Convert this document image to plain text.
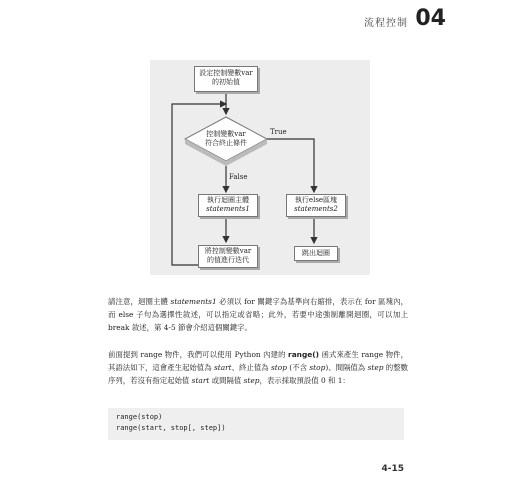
流程控制 04
設定控制變數var
的初始值
控制變數var
符合終止條件
True
False
執行迴圈主體
statements1
執行else區塊
statements2
將控制變數var
的值進行迭代
跳出迴圈
請注意，迴圈主體 statements1 必須以 for 關鍵字為基準向右縮排，表示在 for 區塊內，而 else 子句為選擇性敘述，可以指定或省略；此外，若要中途強制離開迴圈，可以加上 break 敘述，第 4-5 節會介紹這個關鍵字。
前面提到 range 物件，我們可以使用 Python 內建的 range() 函式來產生 range 物件，其語法如下，這會產生起始值為 start、終止值為 stop (不含 stop)、間隔值為 step 的整數序列，若沒有指定起始值 start 或間隔值 step，表示採取預設值 0 和 1：
range(stop)
range(start, stop[, step])
4-15
